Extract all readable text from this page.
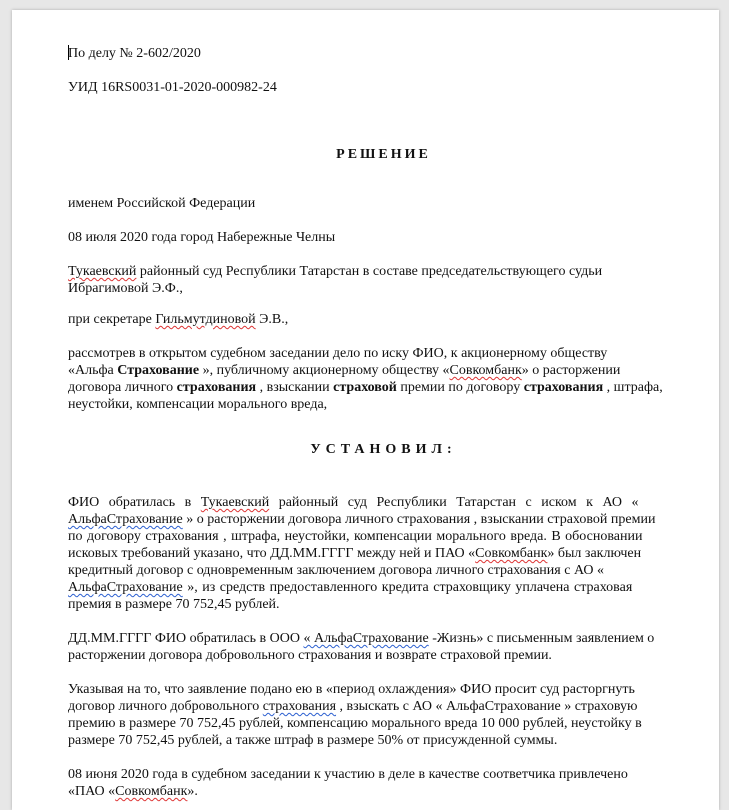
По делу № 2-602/2020
УИД 16RS0031-01-2020-000982-24
РЕШЕНИЕ
именем Российской Федерации
08 июля 2020 года город Набережные Челны
Тукаевский районный суд Республики Татарстан в составе председательствующего судьи
Ибрагимовой Э.Ф.,
при секретаре Гильмутдиновой Э.В.,
рассмотрев в открытом судебном заседании дело по иску ФИО, к акционерному обществу
«Альфа Страхование », публичному акционерному обществу «Совкомбанк» о расторжении
договора личного страхования , взыскании страховой премии по договору страхования , штрафа,
неустойки, компенсации морального вреда,
УСТАНОВИЛ:
ФИО обратилась в Тукаевский районный суд Республики Татарстан с иском к АО «
АльфаСтрахование » о расторжении договора личного страхования , взыскании страховой премии
по договору страхования , штрафа, неустойки, компенсации морального вреда. В обосновании
исковых требований указано, что ДД.ММ.ГГГГ между ней и ПАО «Совкомбанк» был заключен
кредитный договор с одновременным заключением договора личного страхования с АО «
АльфаСтрахование », из средств предоставленного кредита страховщику уплачена страховая
премия в размере 70 752,45 рублей.
ДД.ММ.ГГГГ ФИО обратилась в ООО « АльфаСтрахование -Жизнь» с письменным заявлением о
расторжении договора добровольного страхования и возврате страховой премии.
Указывая на то, что заявление подано ею в «период охлаждения» ФИО просит суд расторгнуть
договор личного добровольного страхования , взыскать с АО « АльфаСтрахование » страховую
премию в размере 70 752,45 рублей, компенсацию морального вреда 10 000 рублей, неустойку в
размере 70 752,45 рублей, а также штраф в размере 50% от присужденной суммы.
08 июня 2020 года в судебном заседании к участию в деле в качестве соответчика привлечено
«ПАО «Совкомбанк».
